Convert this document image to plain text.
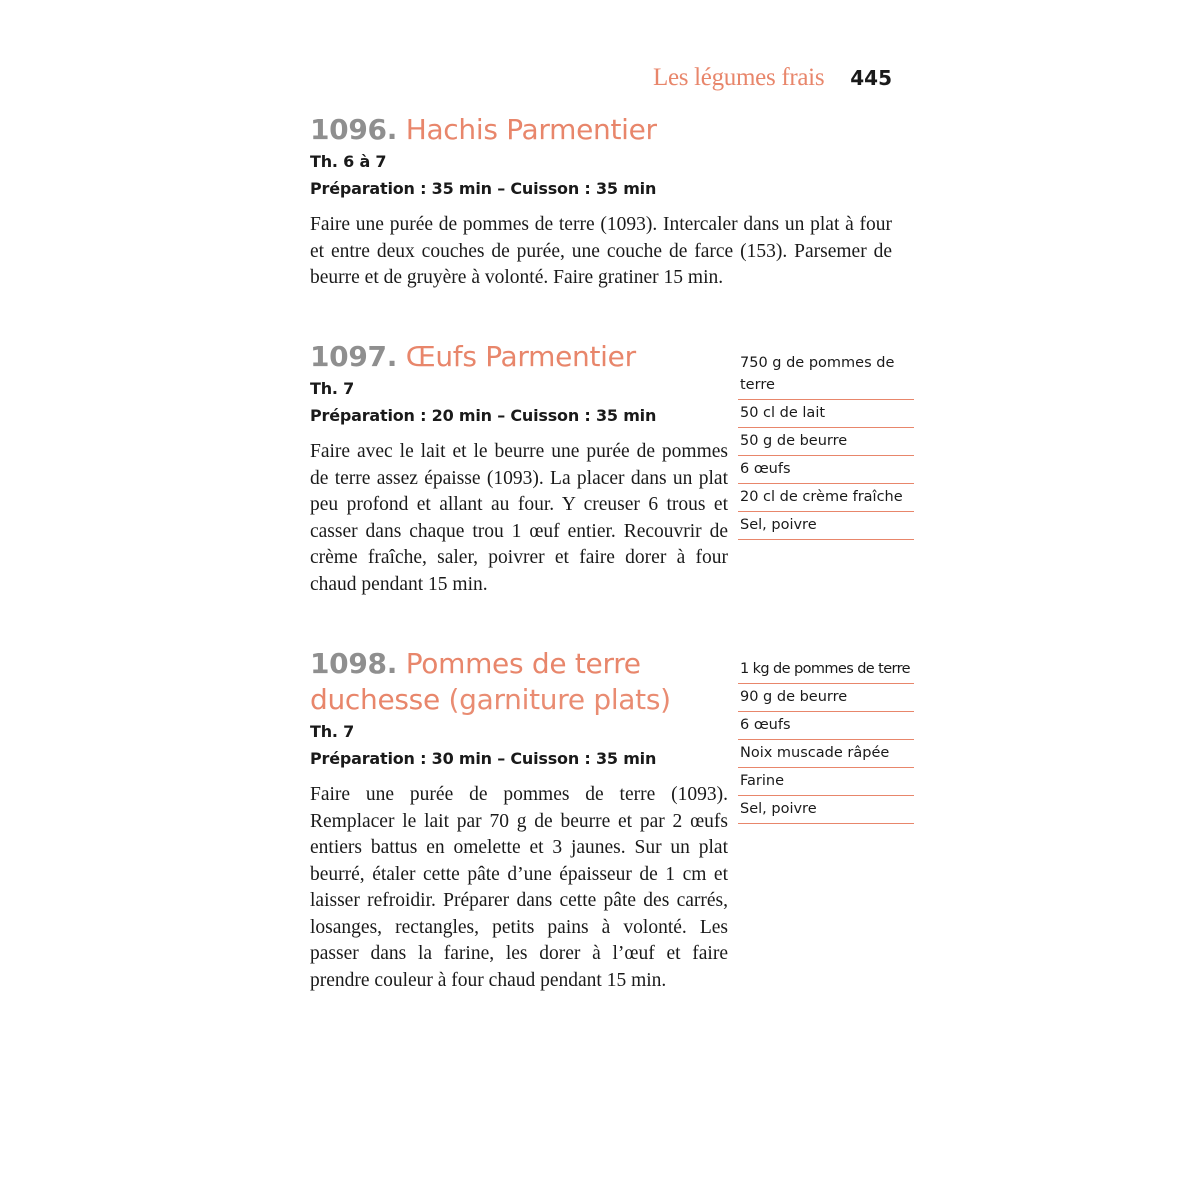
Les légumes frais 445
1096. Hachis Parmentier
Th. 6 à 7
Préparation : 35 min – Cuisson : 35 min

Faire une purée de pommes de terre (1093). Intercaler dans un plat à four et entre deux couches de purée, une couche de farce (153). Parsemer de beurre et de gruyère à volonté. Faire gratiner 15 min.

1097. Œufs Parmentier
Th. 7
Préparation : 20 min – Cuisson : 35 min

Faire avec le lait et le beurre une purée de pommes de terre assez épaisse (1093). La placer dans un plat peu profond et allant au four. Y creuser 6 trous et casser dans chaque trou 1 œuf entier. Recouvrir de crème fraîche, saler, poivrer et faire dorer à four chaud pendant 15 min.

750 g de pommes de terre
50 cl de lait
50 g de beurre
6 œufs
20 cl de crème fraîche
Sel, poivre
1098. Pommes de terre duchesse (garniture plats)
Th. 7
Préparation : 30 min – Cuisson : 35 min

Faire une purée de pommes de terre (1093). Remplacer le lait par 70 g de beurre et par 2 œufs entiers battus en omelette et 3 jaunes. Sur un plat beurré, étaler cette pâte d’une épaisseur de 1 cm et laisser refroidir. Préparer dans cette pâte des carrés, losanges, rectangles, petits pains à volonté. Les passer dans la farine, les dorer à l’œuf et faire prendre couleur à four chaud pendant 15 min.

1 kg de pommes de terre
90 g de beurre
6 œufs
Noix muscade râpée
Farine
Sel, poivre
